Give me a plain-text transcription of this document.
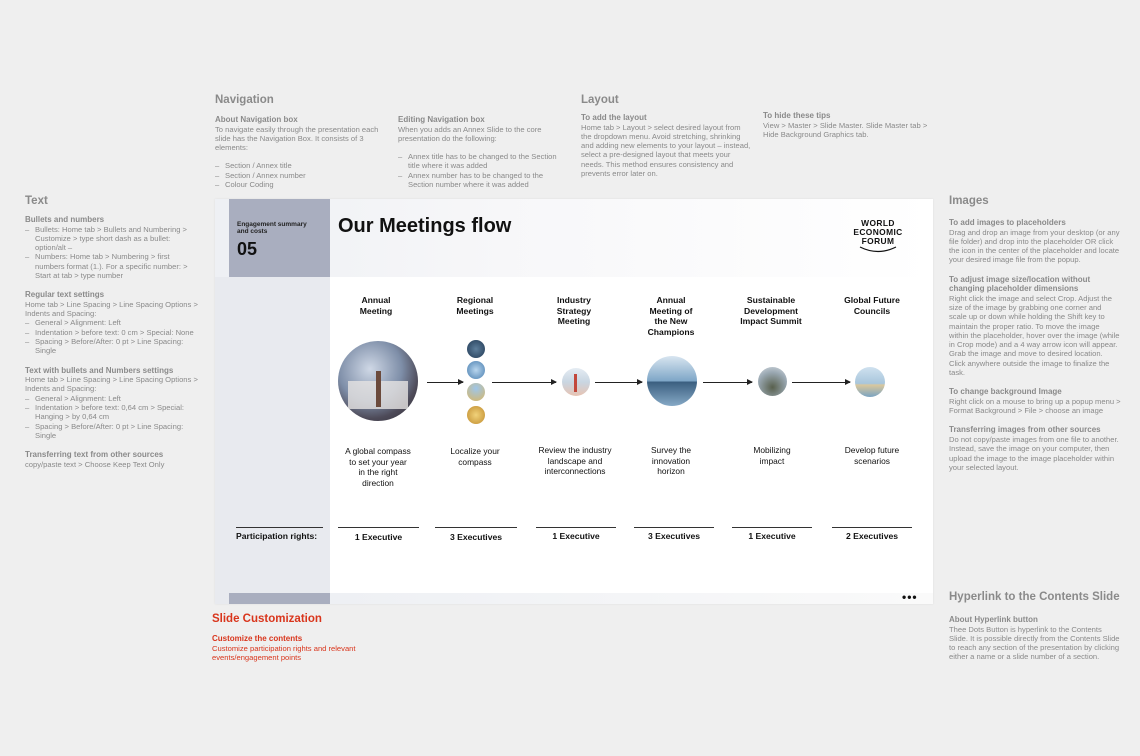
Navigation
About Navigation box
To navigate easily through the presentation each slide has the Navigation Box. It consists of 3 elements:
– Section / Annex title
– Section / Annex number
– Colour Coding
Editing Navigation box
When you adds an Annex Slide to the core presentation do the following:
– Annex title has to be changed to the Section title where it was added
– Annex number has to be changed to the Section number where it was added
Layout
To add the layout
Home tab > Layout > select desired layout from the dropdown menu. Avoid stretching, shrinking and adding new elements to your layout – instead, select a pre-designed layout that meets your needs. This method ensures consistency and prevents error later on.
To hide these tips
View > Master > Slide Master. Slide Master tab > Hide Background Graphics tab.
Text
Bullets and numbers
– Bullets: Home tab > Bullets and Numbering > Customize > type short dash as a bullet: option/alt –
– Numbers: Home tab > Numbering > first numbers format (1.). For a specific number: > Start at tab > type number
Regular text settings
Home tab > Line Spacing > Line Spacing Options > Indents and Spacing:
– General > Alignment: Left
– Indentation > before text: 0 cm > Special: None
– Spacing > Before/After: 0 pt > Line Spacing: Single
Text with bullets and Numbers settings
Home tab > Line Spacing > Line Spacing Options > Indents and Spacing:
– General > Alignment: Left
– Indentation > before text: 0,64 cm > Special: Hanging > by 0,64 cm
– Spacing > Before/After: 0 pt > Line Spacing: Single
Transferring text from other sources
copy/paste text > Choose Keep Text Only
Images
To add images to placeholders
Drag and drop an image from your desktop (or any file folder) and drop into the placeholder OR click the icon in the center of the placeholder and locate your desired image file from the popup.
To adjust image size/location without changing placeholder dimensions
Right click the image and select Crop. Adjust the size of the image by grabbing one corner and scale up or down while holding the Shift key to maintain the proper ratio. To move the image within the placeholder, hover over the image (while in Crop mode) and a 4 way arrow icon will appear. Grab the image and move to desired location. Click anywhere outside the image to finalize the task.
To change background Image
Right click on a mouse to bring up a popup menu > Format Background > File > choose an image
Transferring images from other sources
Do not copy/paste images from one file to another. Instead, save the image on your computer, then upload the image to the image placeholder within your selected layout.
Hyperlink to the Contents Slide
About Hyperlink button
Thee Dots Button is hyperlink to the Contents Slide. It is possible directly from the Contents Slide to reach any section of the presentation by clicking either a name or a slide number of a section.
Slide Customization
Customize the contents
Customize participation rights and relevant events/engagement points
Engagement summary and costs
05
Our Meetings flow	WORLD
ECONOMIC
FORUM
Annual Meeting
Regional Meetings
Industry Strategy Meeting
Annual Meeting of the New Champions
Sustainable Development Impact Summit
Global Future Councils
A global compass to set your year in the right direction
Localize your compass
Review the industry landscape and interconnections
Survey the innovation horizon
Mobilizing impact
Develop future scenarios
Participation rights:	1 Executive	3 Executives	1 Executive	3 Executives	1 Executive	2 Executives
•••
